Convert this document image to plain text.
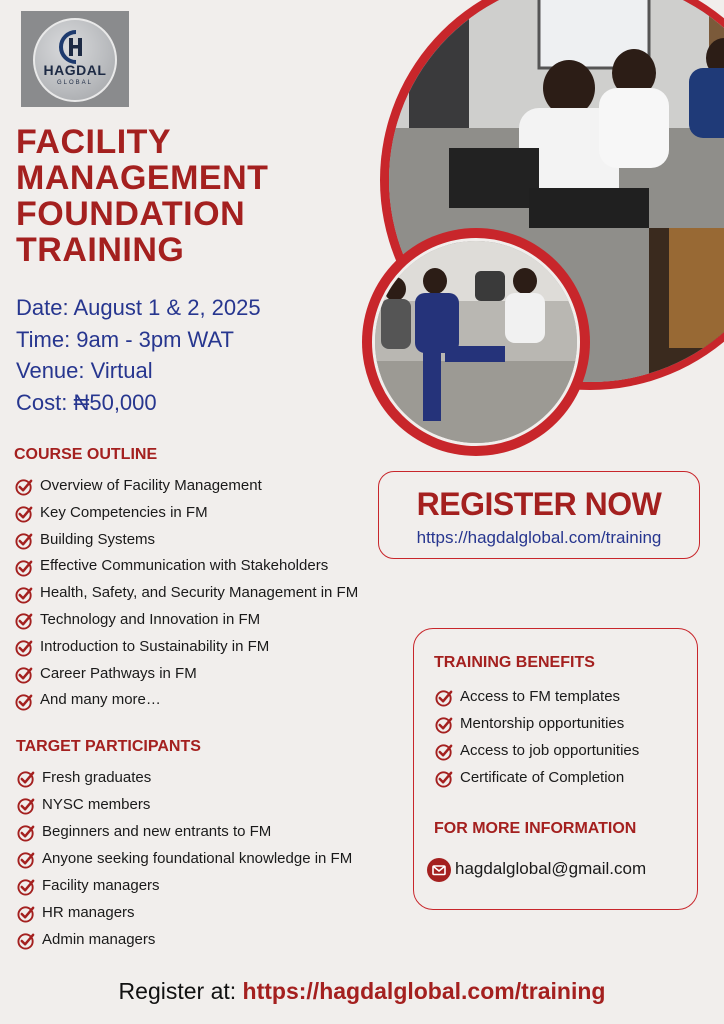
HAGDAL
GLOBAL
FACILITY
MANAGEMENT
FOUNDATION
TRAINING
Date: August 1 & 2, 2025
Time: 9am - 3pm WAT
Venue: Virtual
Cost: ₦50,000
COURSE OUTLINE
Overview of Facility Management
Key Competencies in FM
Building Systems
Effective Communication with Stakeholders
Health, Safety, and Security Management in FM
Technology and Innovation in FM
Introduction to Sustainability in FM
Career Pathways in FM
And many more…
TARGET PARTICIPANTS
Fresh graduates
NYSC members
Beginners and new entrants to FM
Anyone seeking foundational knowledge in FM
Facility managers
HR managers
Admin managers
REGISTER NOW
https://hagdalglobal.com/training
TRAINING BENEFITS
Access to FM templates
Mentorship opportunities
Access to job opportunities
Certificate of Completion
FOR MORE INFORMATION
hagdalglobal@gmail.com
Register at: https://hagdalglobal.com/training
